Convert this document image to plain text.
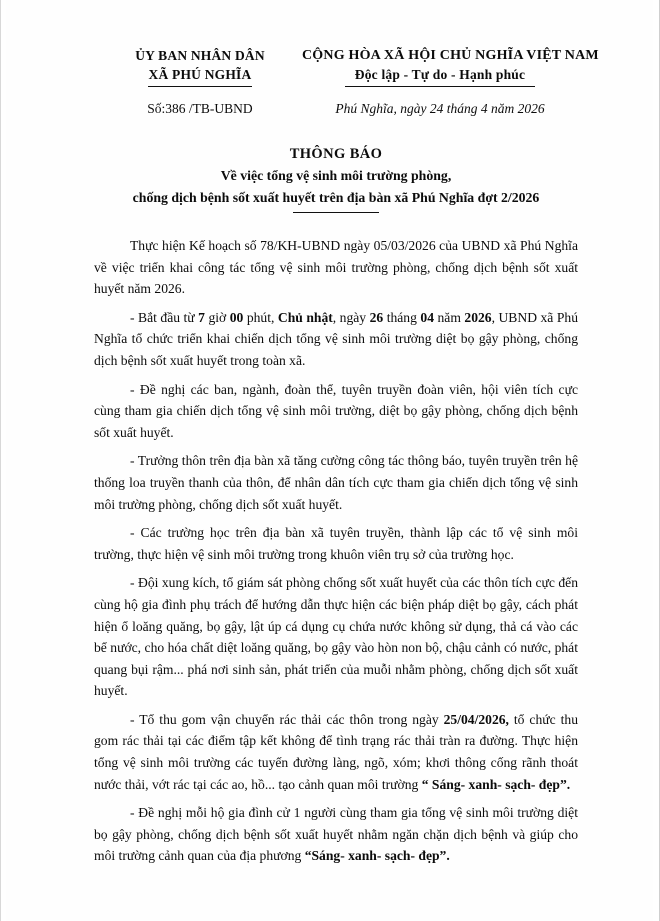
ỦY BAN NHÂN DÂN
XÃ PHÚ NGHĨA
Số:386 /TB-UBND
CỘNG HÒA XÃ HỘI CHỦ NGHĨA VIỆT NAM
Độc lập - Tự do - Hạnh phúc
Phú Nghĩa, ngày 24 tháng 4 năm 2026
THÔNG BÁO
Về việc tổng vệ sinh môi trường phòng,
chống dịch bệnh sốt xuất huyết trên địa bàn xã Phú Nghĩa đợt 2/2026

Thực hiện Kế hoạch số 78/KH-UBND ngày 05/03/2026 của UBND xã Phú Nghĩa về việc triển khai công tác tổng vệ sinh môi trường phòng, chống dịch bệnh sốt xuất huyết năm 2026.

- Bắt đầu từ 7 giờ 00 phút, Chủ nhật, ngày 26 tháng 04 năm 2026, UBND xã Phú Nghĩa tổ chức triển khai chiến dịch tổng vệ sinh môi trường diệt bọ gậy phòng, chống dịch bệnh sốt xuất huyết trong toàn xã.

- Đề nghị các ban, ngành, đoàn thể, tuyên truyền đoàn viên, hội viên tích cực cùng tham gia chiến dịch tổng vệ sinh môi trường, diệt bọ gậy phòng, chống dịch bệnh sốt xuất huyết.

- Trưởng thôn trên địa bàn xã tăng cường công tác thông báo, tuyên truyền trên hệ thống loa truyền thanh của thôn, để nhân dân tích cực tham gia chiến dịch tổng vệ sinh môi trường phòng, chống dịch sốt xuất huyết.

- Các trường học trên địa bàn xã tuyên truyền, thành lập các tổ vệ sinh môi trường, thực hiện vệ sinh môi trường trong khuôn viên trụ sở của trường học.

- Đội xung kích, tổ giám sát phòng chống sốt xuất huyết của các thôn tích cực đến cùng hộ gia đình phụ trách để hướng dẫn thực hiện các biện pháp diệt bọ gậy, cách phát hiện ổ loăng quăng, bọ gậy, lật úp cá dụng cụ chứa nước không sử dụng, thả cá vào các bể nước, cho hóa chất diệt loăng quăng, bọ gậy vào hòn non bộ, chậu cảnh có nước, phát quang bụi rậm... phá nơi sinh sản, phát triển của muỗi nhằm phòng, chống dịch sốt xuất huyết.

- Tổ thu gom vận chuyển rác thải các thôn trong ngày 25/04/2026, tổ chức thu gom rác thải tại các điểm tập kết không để tình trạng rác thải tràn ra đường. Thực hiện tổng vệ sinh môi trường các tuyến đường làng, ngõ, xóm; khơi thông cống rãnh thoát nước thải, vớt rác tại các ao, hồ... tạo cảnh quan môi trường “ Sáng- xanh- sạch- đẹp”.

- Đề nghị mỗi hộ gia đình cử 1 người cùng tham gia tổng vệ sinh môi trường diệt bọ gậy phòng, chống dịch bệnh sốt xuất huyết nhằm ngăn chặn dịch bệnh và giúp cho môi trường cảnh quan của địa phương “Sáng- xanh- sạch- đẹp”.
